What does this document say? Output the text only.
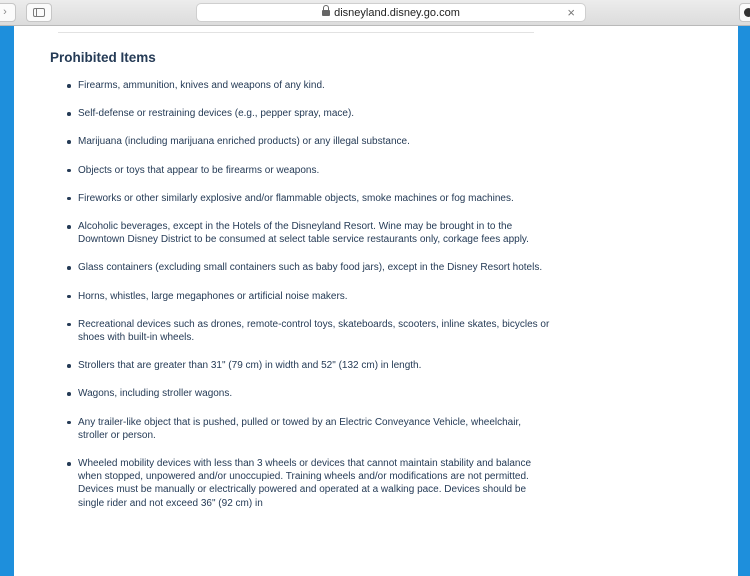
›	disneyland.disney.go.com	×
Prohibited Items
Firearms, ammunition, knives and weapons of any kind.
Self-defense or restraining devices (e.g., pepper spray, mace).
Marijuana (including marijuana enriched products) or any illegal substance.
Objects or toys that appear to be firearms or weapons.
Fireworks or other similarly explosive and/or flammable objects, smoke machines or fog machines.
Alcoholic beverages, except in the Hotels of the Disneyland Resort. Wine may be brought in to the Downtown Disney District to be consumed at select table service restaurants only, corkage fees apply.
Glass containers (excluding small containers such as baby food jars), except in the Disney Resort hotels.
Horns, whistles, large megaphones or artificial noise makers.
Recreational devices such as drones, remote-control toys, skateboards, scooters, inline skates, bicycles or shoes with built-in wheels.
Strollers that are greater than 31" (79 cm) in width and 52" (132 cm) in length.
Wagons, including stroller wagons.
Any trailer-like object that is pushed, pulled or towed by an Electric Conveyance Vehicle, wheelchair, stroller or person.
Wheeled mobility devices with less than 3 wheels or devices that cannot maintain stability and balance when stopped, unpowered and/or unoccupied. Training wheels and/or modifications are not permitted. Devices must be manually or electrically powered and operated at a walking pace. Devices should be single rider and not exceed 36" (92 cm) in
